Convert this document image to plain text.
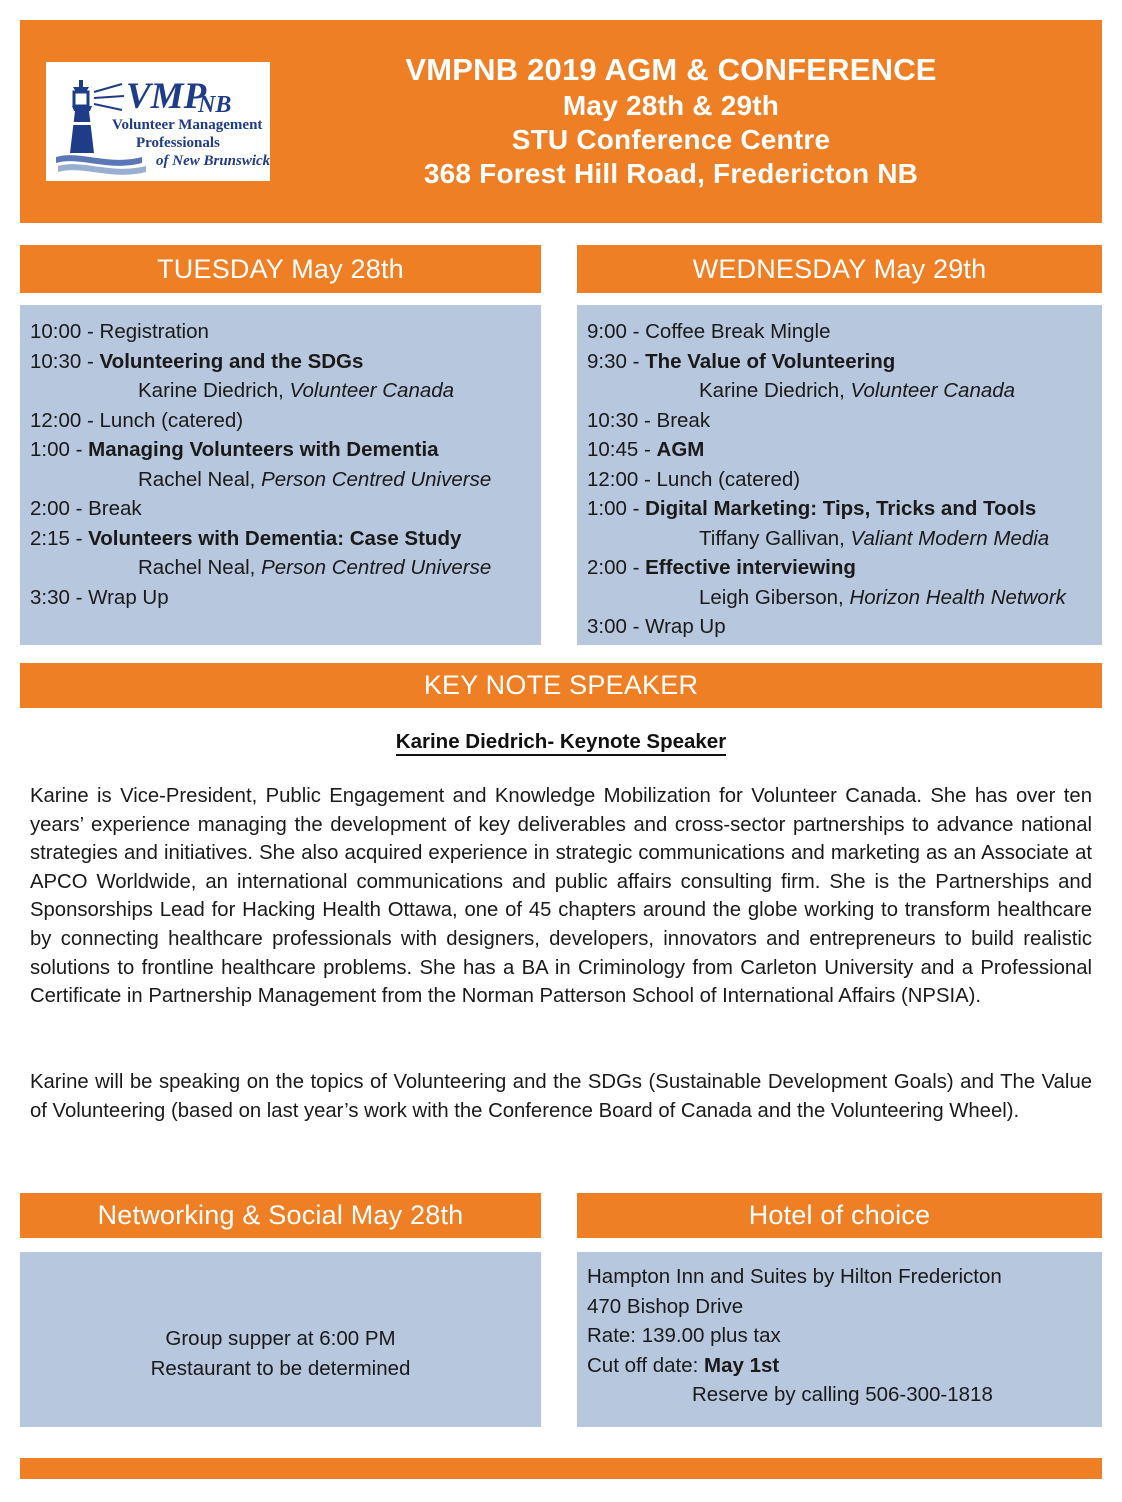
VMP
NB
Volunteer Management
Professionals
of New Brunswick
VMPNB 2019 AGM & CONFERENCE
May 28th & 29th
STU Conference Centre
368 Forest Hill Road, Fredericton NB
TUESDAY May 28th	WEDNESDAY May 29th
10:00 - Registration
10:30 - Volunteering and the SDGs
Karine Diedrich, Volunteer Canada
12:00 - Lunch (catered)
1:00 - Managing Volunteers with Dementia
Rachel Neal, Person Centred Universe
2:00 - Break
2:15 - Volunteers with Dementia: Case Study
Rachel Neal, Person Centred Universe
3:30 - Wrap Up
9:00 - Coffee Break Mingle
9:30 - The Value of Volunteering
Karine Diedrich, Volunteer Canada
10:30 - Break
10:45 - AGM
12:00 - Lunch (catered)
1:00 - Digital Marketing: Tips, Tricks and Tools
Tiffany Gallivan, Valiant Modern Media
2:00 - Effective interviewing
Leigh Giberson, Horizon Health Network
3:00 - Wrap Up
KEY NOTE SPEAKER
Karine Diedrich- Keynote Speaker
Karine is Vice-President, Public Engagement and Knowledge Mobilization for Volunteer Canada. She has over ten years’ experience managing the development of key deliverables and cross-sector partnerships to advance national strategies and initiatives. She also acquired experience in strategic communications and marketing as an Associate at APCO Worldwide, an international communications and public affairs consulting firm. She is the Partnerships and Sponsorships Lead for Hacking Health Ottawa, one of 45 chapters around the globe working to transform healthcare by connecting healthcare professionals with designers, developers, innovators and entrepreneurs to build realistic solutions to frontline healthcare problems. She has a BA in Criminology from Carleton University and a Professional Certificate in Partnership Management from the Norman Patterson School of International Affairs (NPSIA).
Karine will be speaking on the topics of Volunteering and the SDGs (Sustainable Development Goals) and The Value of Volunteering (based on last year’s work with the Conference Board of Canada and the Volunteering Wheel).
Networking & Social May 28th
Group supper at 6:00 PM
Restaurant to be determined
Hotel of choice
Hampton Inn and Suites by Hilton Fredericton
470 Bishop Drive
Rate: 139.00 plus tax
Cut off date: May 1st
Reserve by calling 506-300-1818
